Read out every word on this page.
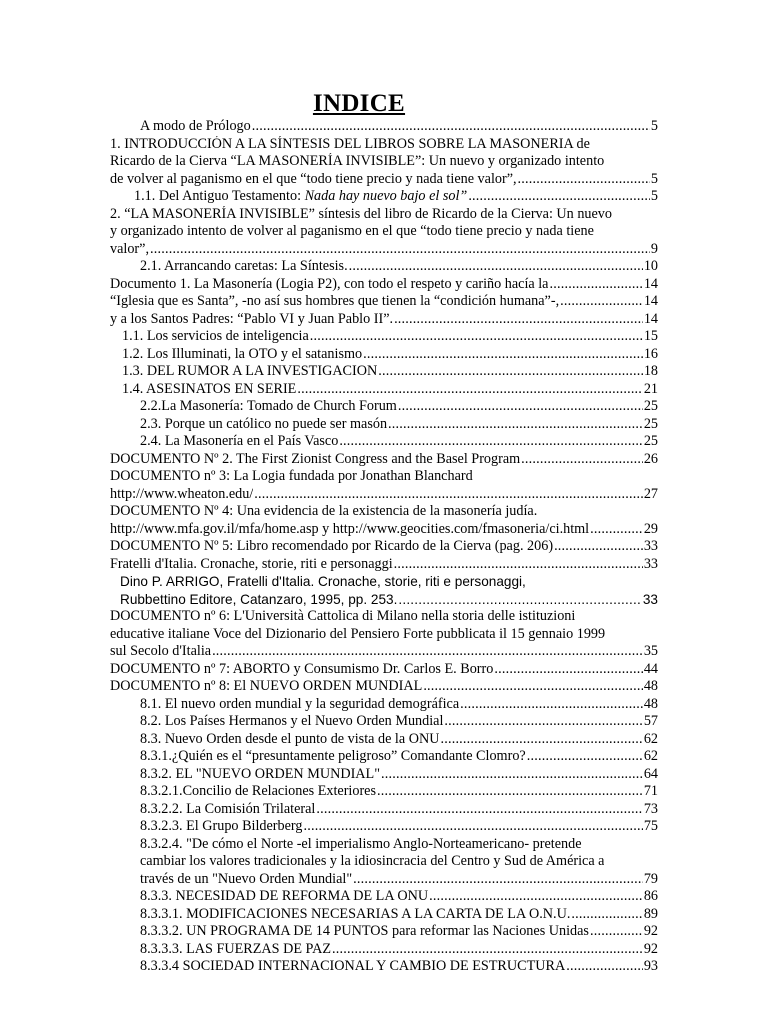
INDICE
A modo de Prólogo .....	5
1. INTRODUCCIÓN A LA SÍNTESIS DEL LIBROS SOBRE LA MASONERIA de
Ricardo de la Cierva “LA MASONERÍA INVISIBLE”: Un nuevo y organizado intento
de volver al paganismo en el que “todo tiene precio y nada tiene valor”, .....	5
1.1. Del Antiguo Testamento: Nada hay nuevo bajo el sol” .....	5
2. “LA MASONERÍA INVISIBLE” síntesis del libro de Ricardo de la Cierva: Un nuevo
y organizado intento de volver al paganismo en el que “todo tiene precio y nada tiene
valor”, .....	9
2.1. Arrancando caretas: La Síntesis. .....	10
Documento 1. La Masonería (Logia P2), con todo el respeto y cariño hacía la .....	14
“Iglesia que es Santa”, -no así sus hombres que tienen la “condición humana”-, .....	14
y a los Santos Padres: “Pablo VI y Juan Pablo II”. .....	14
1.1. Los servicios de inteligencia .....	15
1.2. Los Illuminati, la OTO y el satanismo .....	16
1.3. DEL RUMOR A LA INVESTIGACION .....	18
1.4. ASESINATOS EN SERIE .....	21
2.2.La Masonería: Tomado de Church Forum .....	25
2.3. Porque un católico no puede ser masón .....	25
2.4. La Masonería en el País Vasco .....	25
DOCUMENTO Nº 2. The First Zionist Congress and the Basel Program .....	26
DOCUMENTO nº 3: La Logia fundada por Jonathan Blanchard
http://www.wheaton.edu/ .....	27
DOCUMENTO Nº 4: Una evidencia de la existencia de la masonería judía.
http://www.mfa.gov.il/mfa/home.asp y http://www.geocities.com/fmasoneria/ci.html .....	29
DOCUMENTO Nº 5: Libro recomendado por Ricardo de la Cierva (pag. 206) .....	33
Fratelli d'Italia. Cronache, storie, riti e personaggi .....	33
Dino P. ARRIGO, Fratelli d'Italia. Cronache, storie, riti e personaggi,
Rubbettino Editore, Catanzaro, 1995, pp. 253. .....	33
DOCUMENTO nº 6: L'Università Cattolica di Milano nella storia delle istituzioni
educative italiane Voce del Dizionario del Pensiero Forte pubblicata il 15 gennaio 1999
sul Secolo d'Italia .....	35
DOCUMENTO nº 7: ABORTO y Consumismo Dr. Carlos E. Borro .....	44
DOCUMENTO nº 8: El NUEVO ORDEN MUNDIAL .....	48
8.1. El nuevo orden mundial y la seguridad demográfica .....	48
8.2. Los Países Hermanos y el Nuevo Orden Mundial .....	57
8.3. Nuevo Orden desde el punto de vista de la ONU .....	62
8.3.1.¿Quién es el “presuntamente peligroso” Comandante Clomro? .....	62
8.3.2. EL "NUEVO ORDEN MUNDIAL" .....	64
8.3.2.1.Concilio de Relaciones Exteriores .....	71
8.3.2.2. La Comisión Trilateral .....	73
8.3.2.3. El Grupo Bilderberg .....	75
8.3.2.4. "De cómo el Norte -el imperialismo Anglo-Norteamericano- pretende
cambiar los valores tradicionales y la idiosincracia del Centro y Sud de América a
través de un "Nuevo Orden Mundial" .....	79
8.3.3. NECESIDAD DE REFORMA DE LA ONU .....	86
8.3.3.1. MODIFICACIONES NECESARIAS A LA CARTA DE LA O.N.U. .....	89
8.3.3.2. UN PROGRAMA DE 14 PUNTOS para reformar las Naciones Unidas .....	92
8.3.3.3. LAS FUERZAS DE PAZ .....	92
8.3.3.4 SOCIEDAD INTERNACIONAL Y CAMBIO DE ESTRUCTURA .....	93
